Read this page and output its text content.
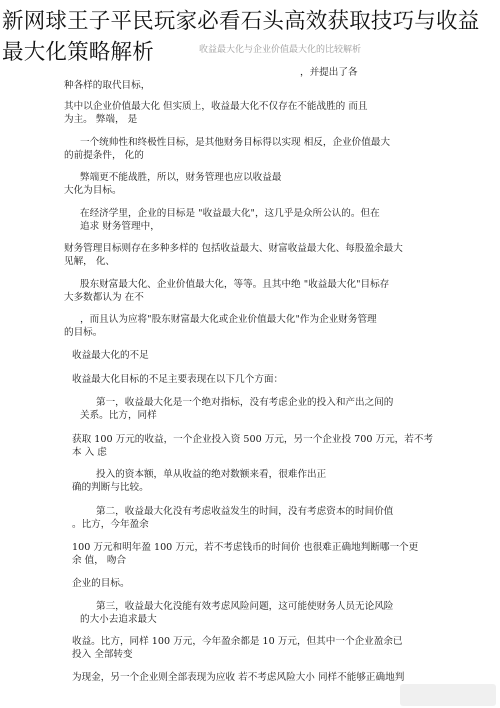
新网球王子平民玩家必看石头高效获取技巧与收益最大化策略解析	收益最大化与企业价值最大化的比较解析
，并提出了各
种各样的取代目标，
其中以企业价值最大化 但实质上，收益最大化不仅存在不能战胜的 而且
为主。 弊端， 是
一个统帅性和终极性目标，是其他财务目标得以实现 相反，企业价值最大
的前提条件， 化的
弊端更不能战胜，所以，财务管理也应以收益最
大化为目标。
在经济学里，企业的目标是 "收益最大化"，这几乎是众所公认的。但在
追求 财务管理中，
财务管理目标则存在多种多样的 包括收益最大、财富收益最大化、每股盈余最大
见解， 化、
股东财富最大化、企业价值最大化，等等。且其中绝 "收益最大化"目标存
大多数都认为 在不
，而且认为应将"股东财富最大化或企业价值最大化"作为企业财务管理
的目标。
收益最大化的不足
收益最大化目标的不足主要表现在以下几个方面：
第一，收益最大化是一个绝对指标，没有考虑企业的投入和产出之间的
关系。比方，同样
获取 100 万元的收益，一个企业投入资 500 万元，另一个企业投 700 万元，若不考
本 入 虑
投入的资本额，单从收益的绝对数额来看，很难作出正
确的判断与比较。
第二，收益最大化没有考虑收益发生的时间，没有考虑资本的时间价值
。比方，今年盈余
100 万元和明年盈 100 万元，若不考虑钱币的时间价 也很难正确地判断哪一个更
余 值， 吻合
企业的目标。
第三，收益最大化没能有效考虑风险问题，这可能使财务人员无论风险
的大小去追求最大
收益。比方，同样 100 万元，今年盈余都是 10 万元，但其中一个企业盈余已
投入 全部转变
为现金，另一个企业则全部表现为应收 若不考虑风险大小 同样不能够正确地判
